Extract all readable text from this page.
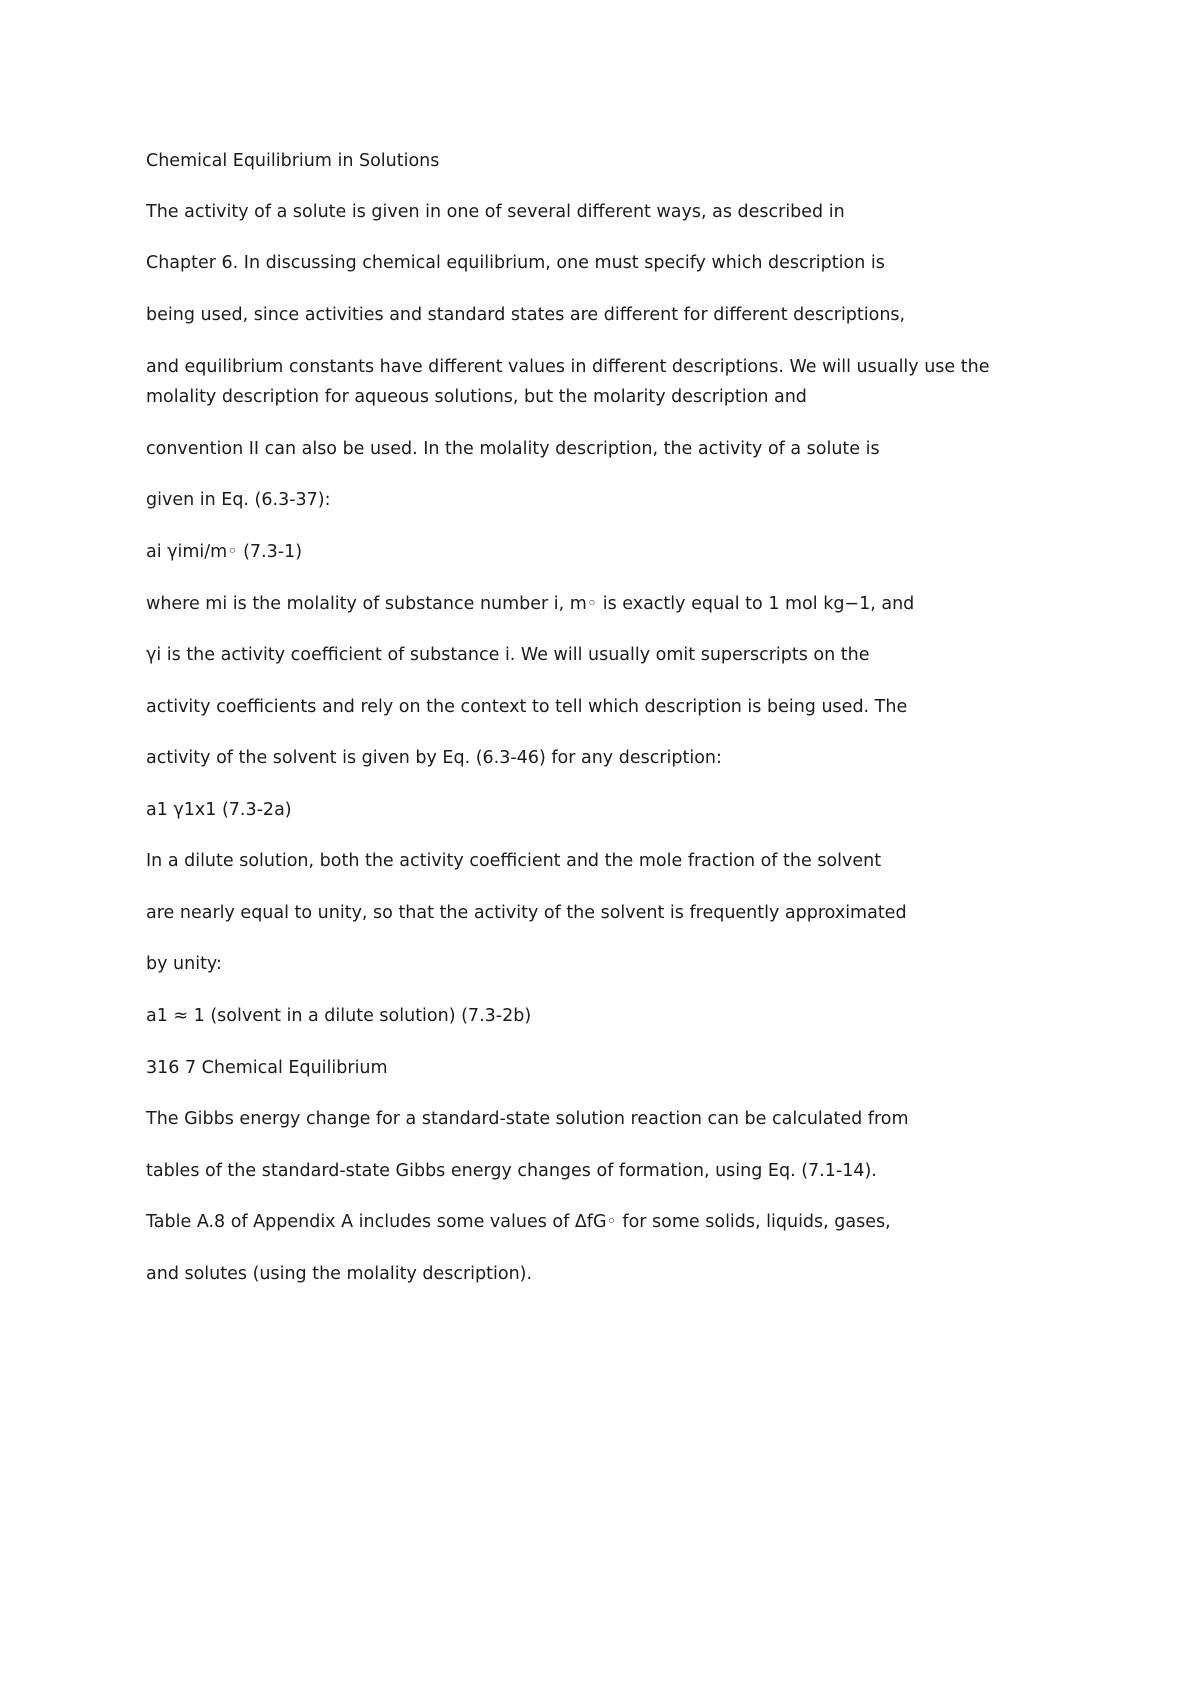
Chemical Equilibrium in Solutions

The activity of a solute is given in one of several different ways, as described in

Chapter 6. In discussing chemical equilibrium, one must specify which description is

being used, since activities and standard states are different for different descriptions,

and equilibrium constants have different values in different descriptions. We will usually use the

molality description for aqueous solutions, but the molarity description and

convention II can also be used. In the molality description, the activity of a solute is

given in Eq. (6.3-37):

ai γimi/m◦ (7.3-1)

where mi is the molality of substance number i, m◦ is exactly equal to 1 mol kg−1, and

γi is the activity coefficient of substance i. We will usually omit superscripts on the

activity coefficients and rely on the context to tell which description is being used. The

activity of the solvent is given by Eq. (6.3-46) for any description:

a1 γ1x1 (7.3-2a)

In a dilute solution, both the activity coefficient and the mole fraction of the solvent

are nearly equal to unity, so that the activity of the solvent is frequently approximated

by unity:

a1 ≈ 1 (solvent in a dilute solution) (7.3-2b)

316 7 Chemical Equilibrium

The Gibbs energy change for a standard-state solution reaction can be calculated from

tables of the standard-state Gibbs energy changes of formation, using Eq. (7.1-14).

Table A.8 of Appendix A includes some values of ΔfG◦ for some solids, liquids, gases,

and solutes (using the molality description).
